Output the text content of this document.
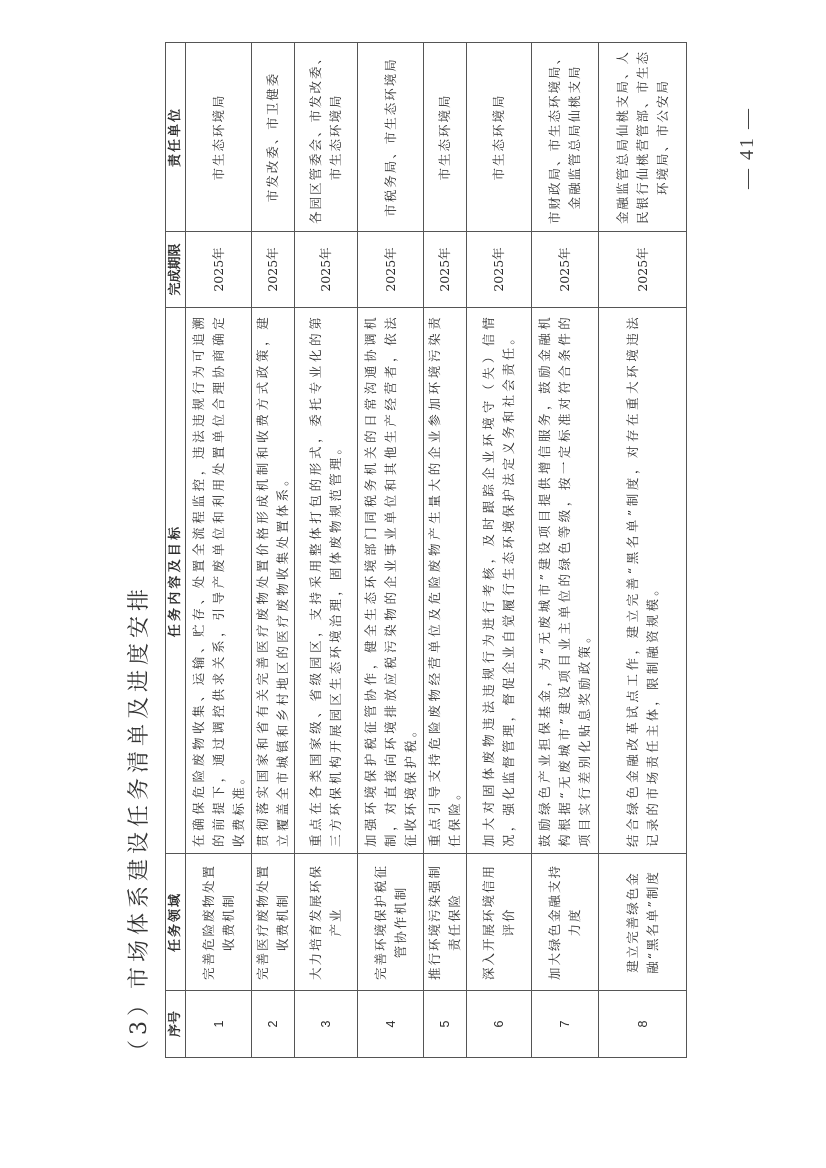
（3）市场体系建设任务清单及进度安排 序号	任务领域	任务内容及目标	完成期限	责任单位
1	完善危险废物处置收费机制	在确保危险废物收集、运输、贮存、处置全流程监控，违法违规行为可追溯的前提下，通过调控供求关系，引导产废单位和利用处置单位合理协商确定收费标准。	2025年	市生态环境局
2	完善医疗废物处置收费机制	贯彻落实国家和省有关完善医疗废物处置价格形成机制和收费方式政策，建立覆盖全市城镇和乡村地区的医疗废物收集处置体系。	2025年	市发改委、市卫健委
3	大力培育发展环保产业	重点在各类国家级、省级园区，支持采用整体打包的形式，委托专业化的第三方环保机构开展园区生态环境治理，固体废物规范管理。	2025年	各园区管委会、市发改委、市生态环境局
4	完善环境保护税征管协作机制	加强环境保护税征管协作，健全生态环境部门同税务机关的日常沟通协调机制，对直接向环境排放应税污染物的企业事业单位和其他生产经营者，依法征收环境保护税。	2025年	市税务局、市生态环境局
5	推行环境污染强制责任保险	重点引导支持危险废物经营单位及危险废物产生量大的企业参加环境污染责任保险。	2025年	市生态环境局
6	深入开展环境信用评价	加大对固体废物违法违规行为进行考核，及时跟踪企业环境守（失）信情况，强化监督管理，督促企业自觉履行生态环境保护法定义务和社会责任。	2025年	市生态环境局
7	加大绿色金融支持力度	鼓励绿色产业担保基金，为“无废城市”建设项目提供增信服务，鼓励金融机构根据“无废城市”建设项目业主单位的绿色等级，按一定标准对符合条件的项目实行差别化贴息奖励政策。	2025年	市财政局、市生态环境局、金融监管总局仙桃支局
8	建立完善绿色金融“黑名单”制度	结合绿色金融改革试点工作，建立完善“黑名单”制度，对存在重大环境违法记录的市场责任主体，限制融资规模。	2025年	金融监管总局仙桃支局、人民银行仙桃营管部、市生态环境局、市公安局	— 41 —
